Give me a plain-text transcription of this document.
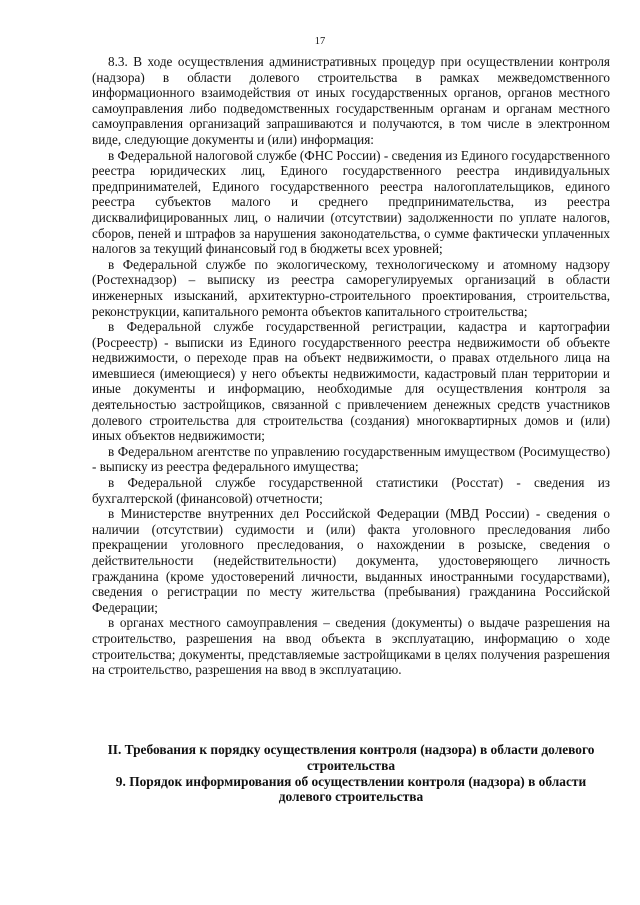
17

8.3. В ходе осуществления административных процедур при осуществлении контроля (надзора) в области долевого строительства в рамках межведомственного информационного взаимодействия от иных государственных органов, органов местного самоуправления либо подведомственных государственным органам и органам местного самоуправления организаций запрашиваются и получаются, в том числе в электронном виде, следующие документы и (или) информация:

в Федеральной налоговой службе (ФНС России) - сведения из Единого государственного реестра юридических лиц, Единого государственного реестра индивидуальных предпринимателей, Единого государственного реестра налогоплательщиков, единого реестра субъектов малого и среднего предпринимательства, из реестра дисквалифицированных лиц, о наличии (отсутствии) задолженности по уплате налогов, сборов, пеней и штрафов за нарушения законодательства, о сумме фактически уплаченных налогов за текущий финансовый год в бюджеты всех уровней;

в Федеральной службе по экологическому, технологическому и атомному надзору (Ростехнадзор) – выписку из реестра саморегулируемых организаций в области инженерных изысканий, архитектурно-строительного проектирования, строительства, реконструкции, капитального ремонта объектов капитального строительства;

в Федеральной службе государственной регистрации, кадастра и картографии (Росреестр) - выписки из Единого государственного реестра недвижимости об объекте недвижимости, о переходе прав на объект недвижимости, о правах отдельного лица на имевшиеся (имеющиеся) у него объекты недвижимости, кадастровый план территории и иные документы и информацию, необходимые для осуществления контроля за деятельностью застройщиков, связанной с привлечением денежных средств участников долевого строительства для строительства (создания) многоквартирных домов и (или) иных объектов недвижимости;

в Федеральном агентстве по управлению государственным имуществом (Росимущество) - выписку из реестра федерального имущества;

в Федеральной службе государственной статистики (Росстат) - сведения из бухгалтерской (финансовой) отчетности;

в Министерстве внутренних дел Российской Федерации (МВД России) - сведения о наличии (отсутствии) судимости и (или) факта уголовного преследования либо прекращении уголовного преследования, о нахождении в розыске, сведения о действительности (недействительности) документа, удостоверяющего личность гражданина (кроме удостоверений личности, выданных иностранными государствами), сведения о регистрации по месту жительства (пребывания) гражданина Российской Федерации;

в органах местного самоуправления – сведения (документы) о выдаче разрешения на строительство, разрешения на ввод объекта в эксплуатацию, информацию о ходе строительства; документы, представляемые застройщиками в целях получения разрешения на строительство, разрешения на ввод в эксплуатацию.

II. Требования к порядку осуществления контроля (надзора) в области долевого строительства

9. Порядок информирования об осуществлении контроля (надзора) в области долевого строительства
